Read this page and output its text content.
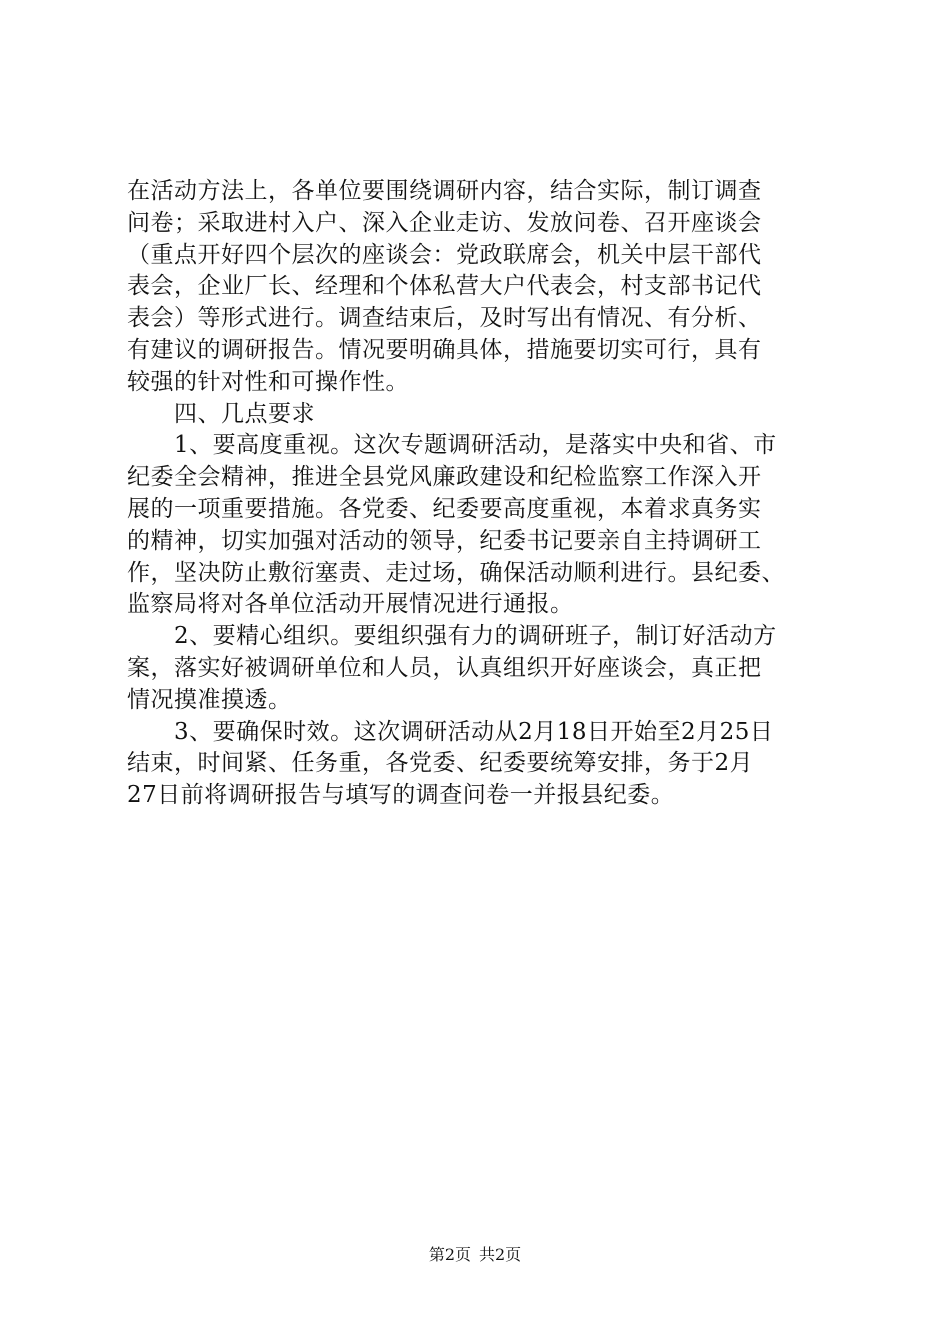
在活动方法上，各单位要围绕调研内容，结合实际，制订调查
问卷；采取进村入户、深入企业走访、发放问卷、召开座谈会
（重点开好四个层次的座谈会：党政联席会，机关中层干部代
表会，企业厂长、经理和个体私营大户代表会，村支部书记代
表会）等形式进行。调查结束后，及时写出有情况、有分析、
有建议的调研报告。情况要明确具体，措施要切实可行，具有
较强的针对性和可操作性。
四、几点要求
1、要高度重视。这次专题调研活动，是落实中央和省、市
纪委全会精神，推进全县党风廉政建设和纪检监察工作深入开
展的一项重要措施。各党委、纪委要高度重视，本着求真务实
的精神，切实加强对活动的领导，纪委书记要亲自主持调研工
作，坚决防止敷衍塞责、走过场，确保活动顺利进行。县纪委、
监察局将对各单位活动开展情况进行通报。
2、要精心组织。要组织强有力的调研班子，制订好活动方
案，落实好被调研单位和人员，认真组织开好座谈会，真正把
情况摸准摸透。
3、要确保时效。这次调研活动从2月18日开始至2月25日
结束，时间紧、任务重，各党委、纪委要统筹安排，务于2月
27日前将调研报告与填写的调查问卷一并报县纪委。
第2页 共2页
